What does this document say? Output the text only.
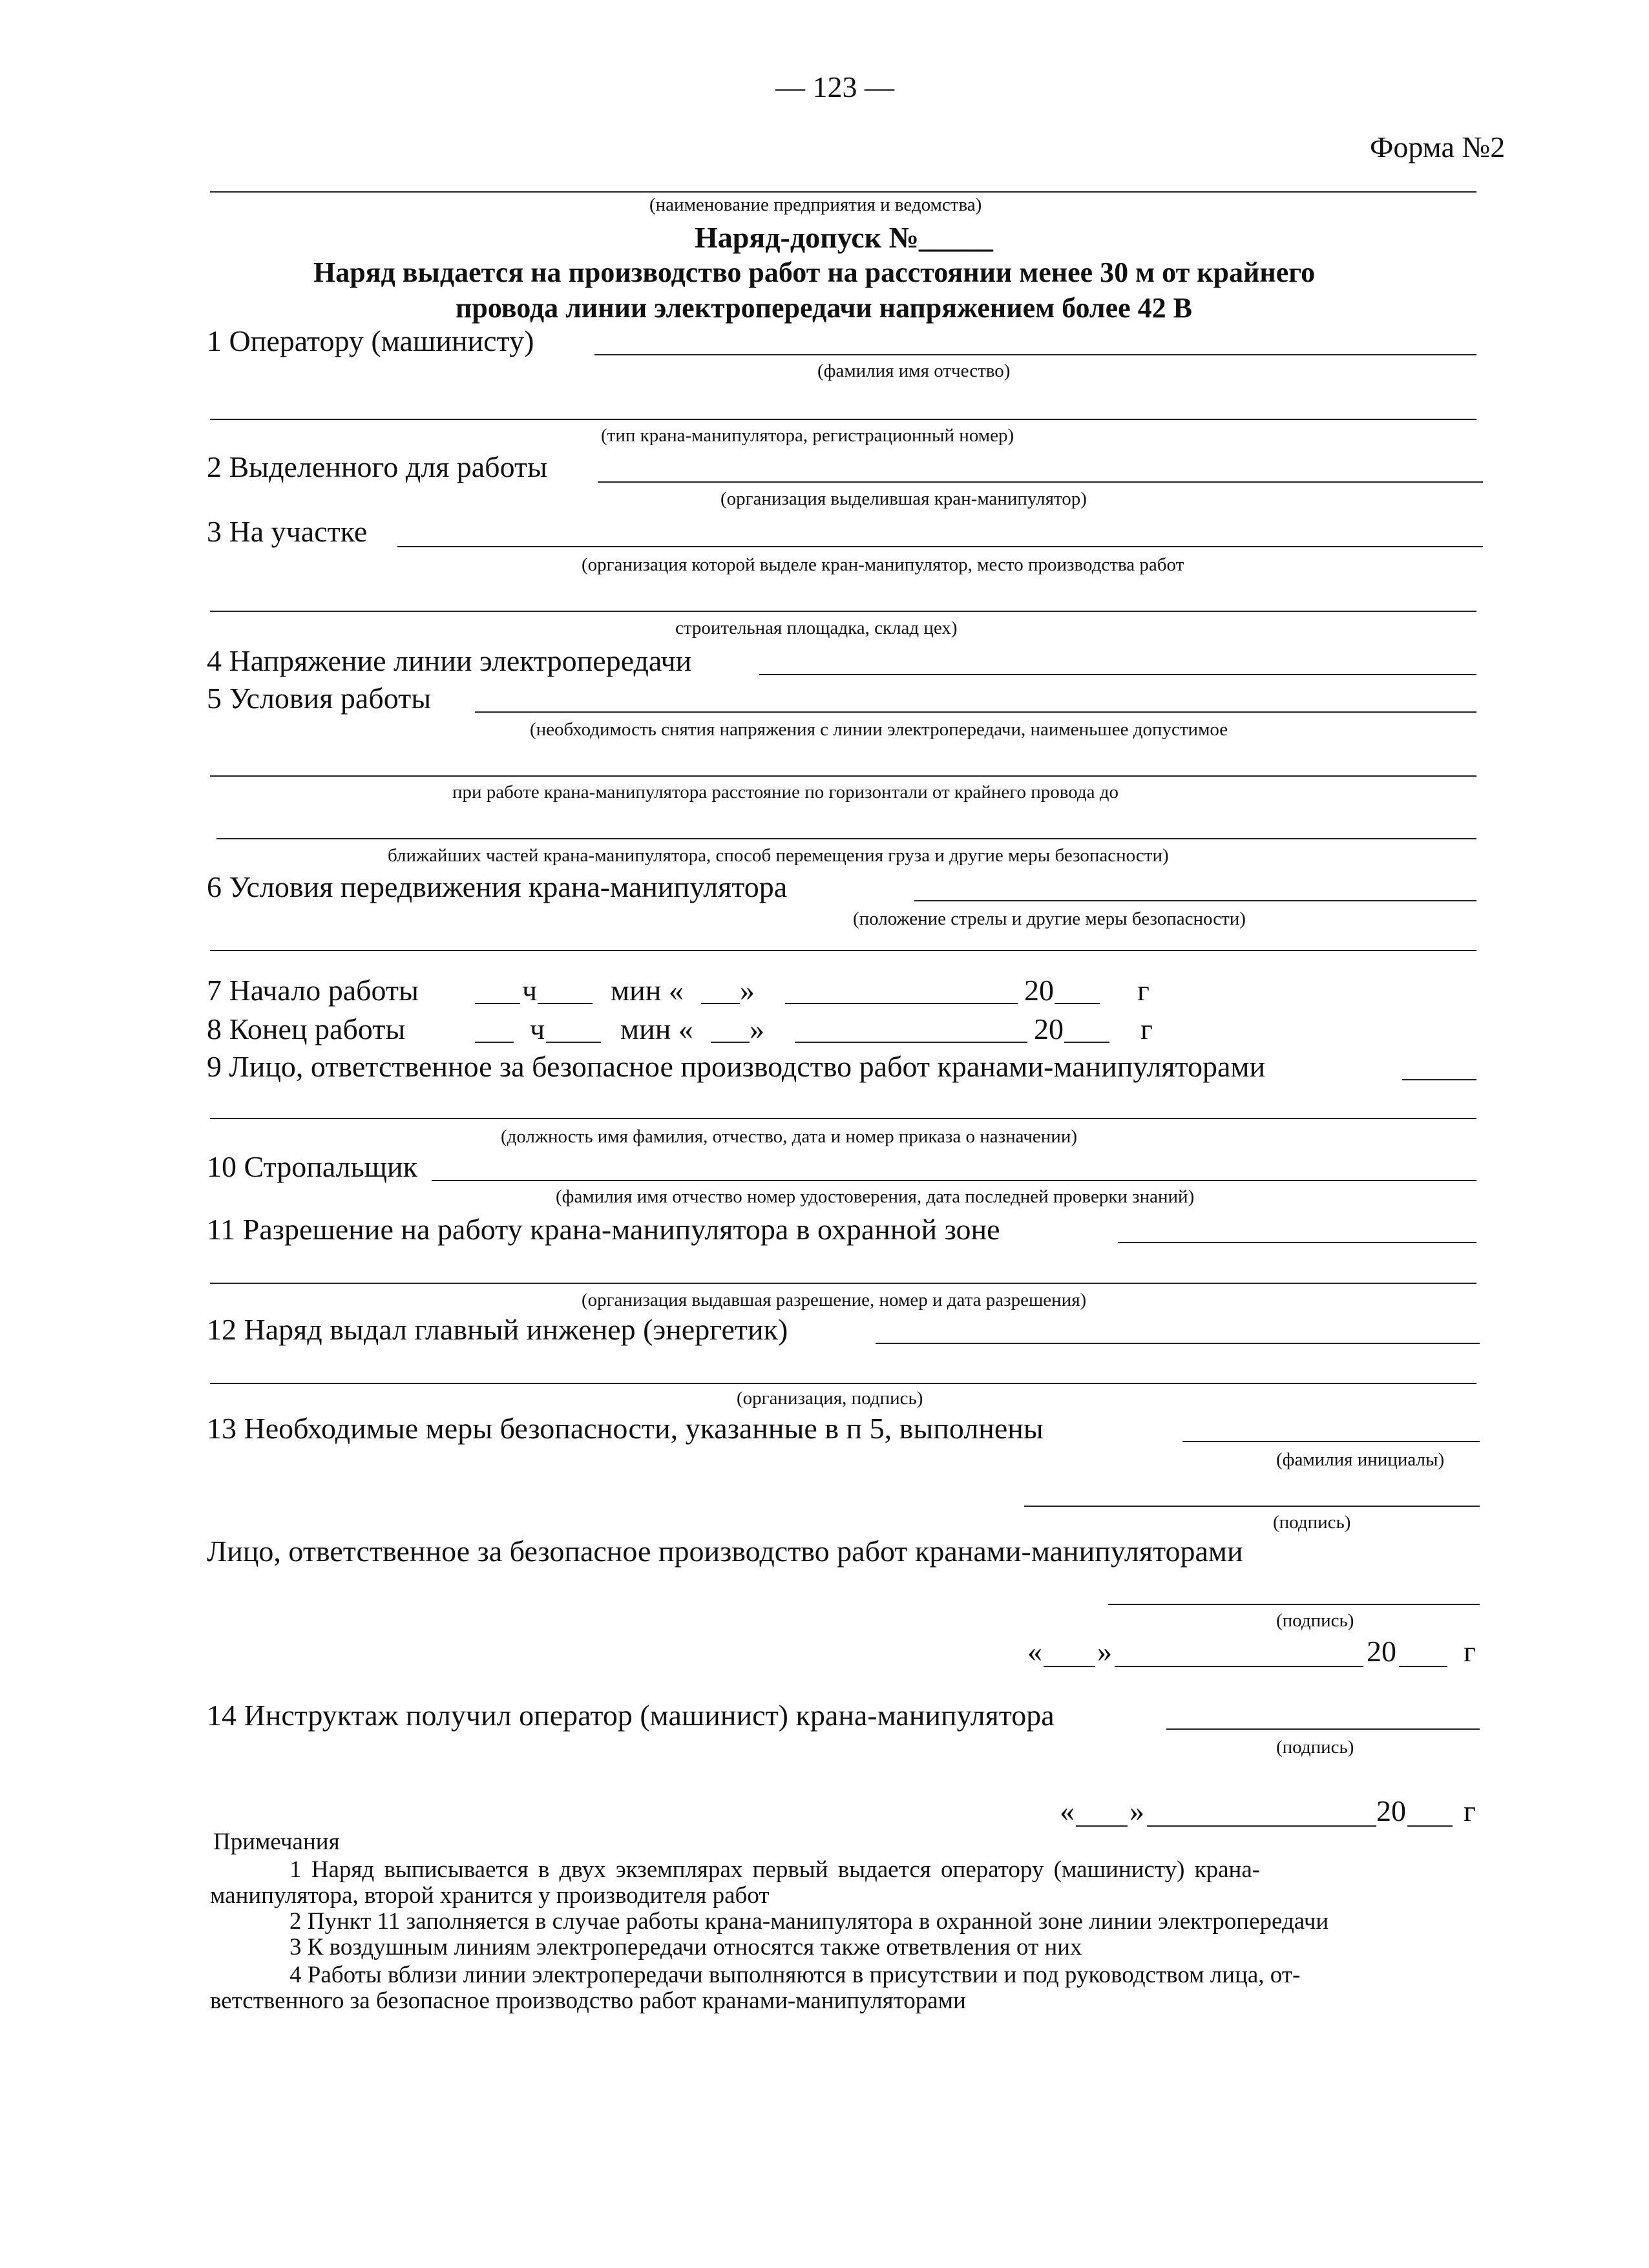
— 123 —
Форма №2
(наименование предприятия и ведомства)
Наряд-допуск №_____
Наряд выдается на производство работ на расстоянии менее 30 м от крайнего
провода линии электропередачи напряжением более 42 В
1 Оператору (машинисту)
(фамилия имя отчество)
(тип крана-манипулятора, регистрационный номер)
2 Выделенного для работы
(организация выделившая кран-манипулятор)
3 На участке
(организация которой выделе кран-манипулятор, место производства работ
строительная площадка, склад цех)
4 Напряжение линии электропередачи
5 Условия работы
(необходимость снятия напряжения с линии электропередачи, наименьшее допустимое
при работе крана-манипулятора расстояние по горизонтали от крайнего провода до
ближайших частей крана-манипулятора, способ перемещения груза и другие меры безопасности)
6 Условия передвижения крана-манипулятора
(положение стрелы и другие меры безопасности)
7 Начало работы	ч мин « »	20	г
8 Конец работы	ч	мин « »	20	г
9 Лицо, ответственное за безопасное производство работ кранами-манипуляторами
(должность имя фамилия, отчество, дата и номер приказа о назначении)
10 Стропальщик
(фамилия имя отчество номер удостоверения, дата последней проверки знаний)
11 Разрешение на работу крана-манипулятора в охранной зоне
(организация выдавшая разрешение, номер и дата разрешения)
12 Наряд выдал главный инженер (энергетик)
(организация, подпись)
13 Необходимые меры безопасности, указанные в п 5, выполнены
(фамилия инициалы)
(подпись)
Лицо, ответственное за безопасное производство работ кранами-манипуляторами
(подпись)
« »	20 г
14 Инструктаж получил оператор (машинист) крана-манипулятора
(подпись)
« »	20 г
Примечания
1 Наряд выписывается в двух экземплярах первый выдается оператору (машинисту) крана-
манипулятора, второй хранится у производителя работ
2 Пункт 11 заполняется в случае работы крана-манипулятора в охранной зоне линии электропередачи
3 К воздушным линиям электропередачи относятся также ответвления от них
4 Работы вблизи линии электропередачи выполняются в присутствии и под руководством лица, от-
ветственного за безопасное производство работ кранами-манипуляторами
